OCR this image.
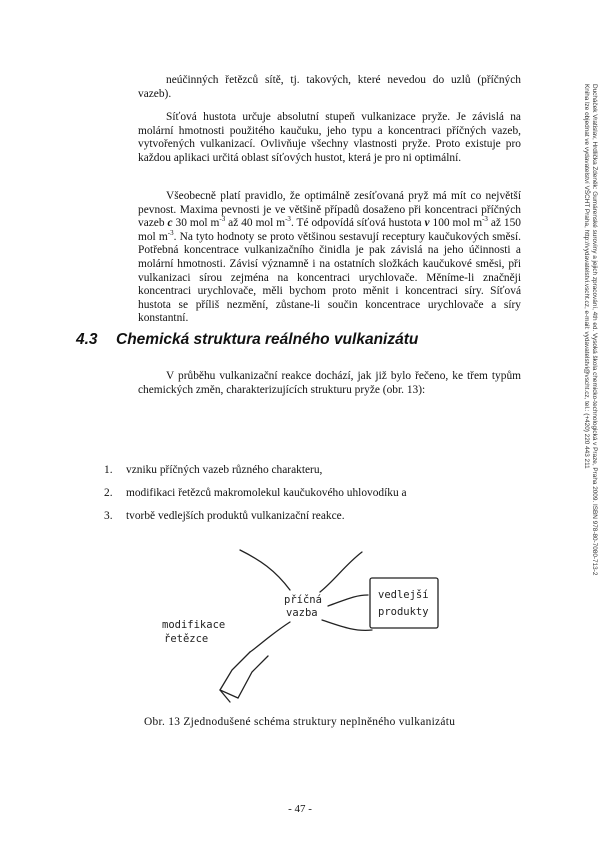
neúčinných řetězců sítě, tj. takových, které nevedou do uzlů (příčných vazeb).

Síťová hustota určuje absolutní stupeň vulkanizace pryže. Je závislá na molární hmotnosti použitého kaučuku, jeho typu a koncentraci příčných vazeb, vytvořených vulkanizací. Ovlivňuje všechny vlastnosti pryže. Proto existuje pro každou aplikaci určitá oblast síťových hustot, která je pro ni optimální.

Všeobecně platí pravidlo, že optimálně zesíťovaná pryž má mít co největší pevnost. Maxima pevnosti je ve většině případů dosaženo při koncentraci příčných vazeb c 30 mol $m^{-3}$ až 40 mol $m^{-3}$. Té odpovídá síťová hustota ν 100 mol $m^{-3}$ až 150 mol $m^{-3}$. Na tyto hodnoty se proto většinou sestavují receptury kaučukových směsí. Potřebná koncentrace vulkanizačního činidla je pak závislá na jeho účinnosti a molární hmotnosti. Závisí významně i na ostatních složkách kaučukové směsi, při vulkanizaci sírou zejména na koncentraci urychlovače. Měníme-li značněji koncentraci urychlovače, měli bychom proto měnit i koncentraci síry. Síťová hustota se příliš nezmění, zůstane-li součin koncentrace urychlovače a síry konstantní.

4.3 Chemická struktura reálného vulkanizátu

V průběhu vulkanizační reakce dochází, jak již bylo řečeno, ke třem typům chemických změn, charakterizujících strukturu pryže (obr. 13):

1. vzniku příčných vazeb různého charakteru,
2. modifikaci řetězců makromolekul kaučukového uhlovodíku a
3. tvorbě vedlejších produktů vulkanizační reakce.
příčná
vazba
modifikace
řetězce
vedlejší
produkty

Obr. 13 Zjednodušené schéma struktury neplněného vulkanizátu

- 47 -

Ducháček Vratislav, Hrdlička Zdeněk: Gumárenské suroviny a jejich zpracování, 4th ed. Vysoká škola chemicko-technologická v Praze, Praha 2009. ISBN 978-80-7080-713-2
Kniha lze objednat ve vydavatelství VŠCHT Praha, http://vydavatelstvi.vscht.cz, e-mail: vydavatelstvi@vscht.cz, tel.: (+420) 220 443 211
